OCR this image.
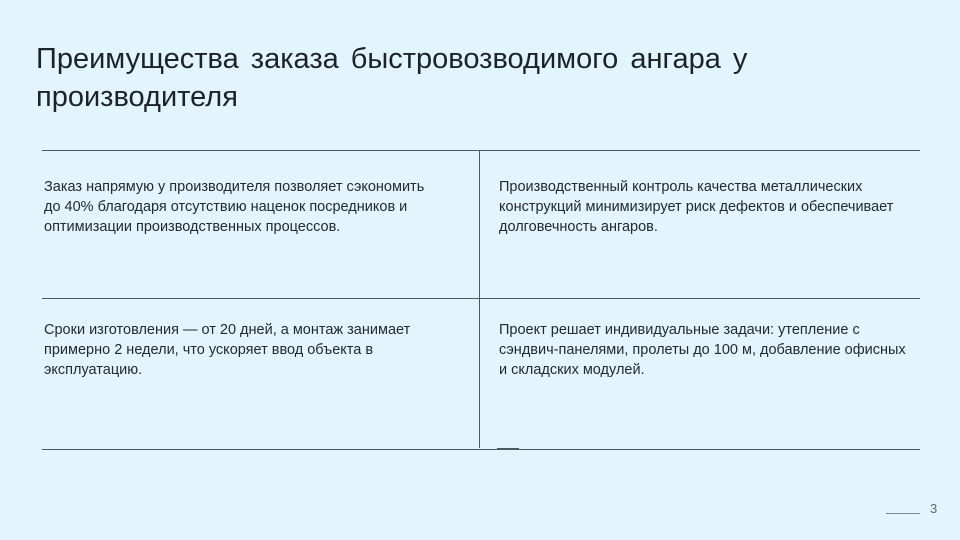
Преимущества заказа быстровозводимого ангара у производителя
Заказ напрямую у производителя позволяет сэкономить до 40% благодаря отсутствию наценок посредников и оптимизации производственных процессов.
Производственный контроль качества металлических конструкций минимизирует риск дефектов и обеспечивает долговечность ангаров.
Сроки изготовления — от 20 дней, а монтаж занимает примерно 2 недели, что ускоряет ввод объекта в эксплуатацию.
Проект решает индивидуальные задачи: утепление с сэндвич-панелями, пролеты до 100 м, добавление офисных и складских модулей.
3
